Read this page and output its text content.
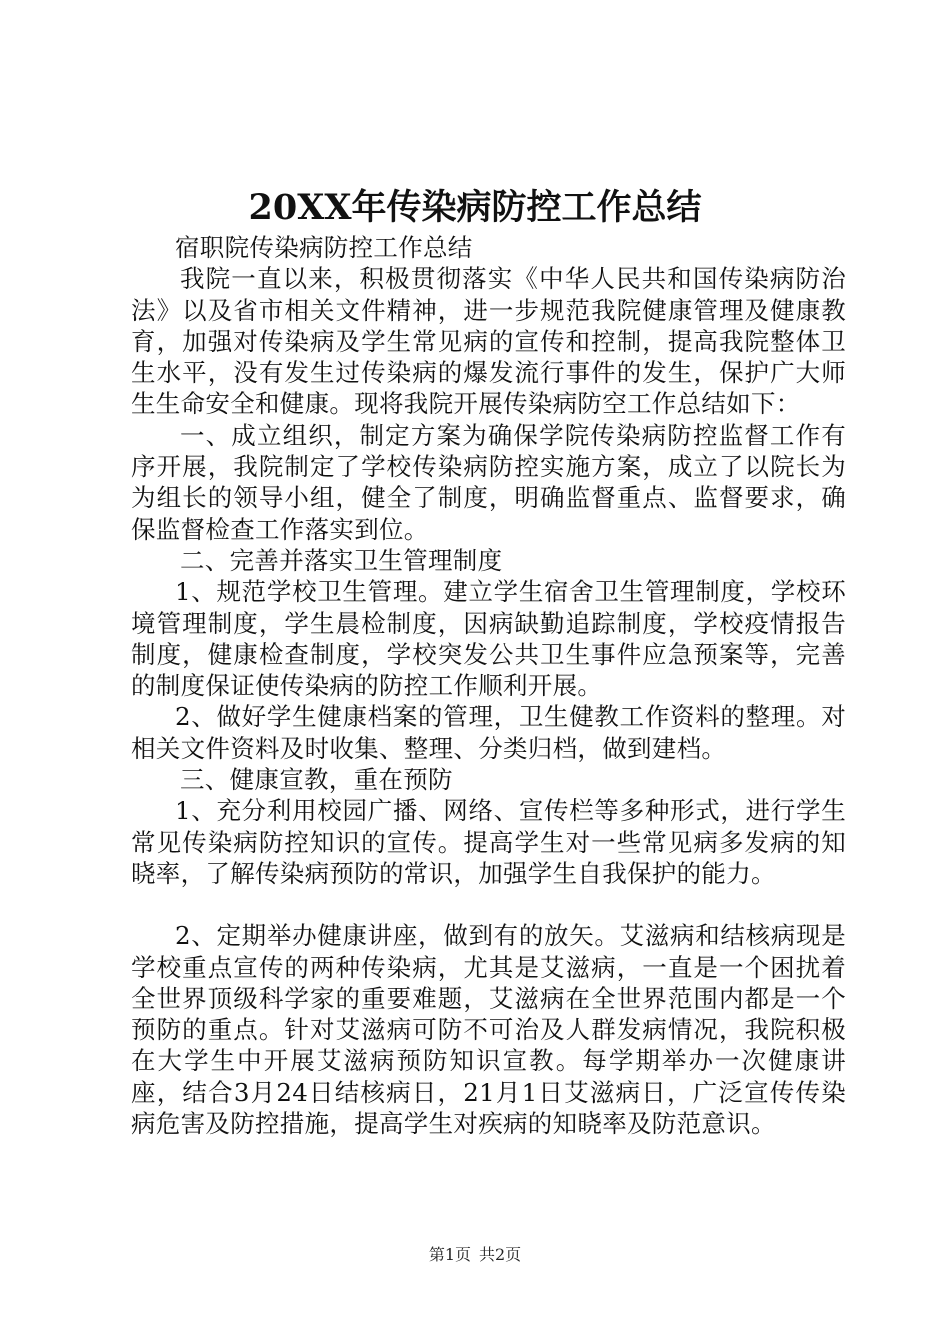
20XX年传染病防控工作总结

宿职院传染病防控工作总结

我院一直以来，积极贯彻落实《中华人民共和国传染病防治法》以及省市相关文件精神，进一步规范我院健康管理及健康教育，加强对传染病及学生常见病的宣传和控制，提高我院整体卫生水平，没有发生过传染病的爆发流行事件的发生，保护广大师生生命安全和健康。现将我院开展传染病防空工作总结如下：

一、成立组织，制定方案为确保学院传染病防控监督工作有序开展，我院制定了学校传染病防控实施方案，成立了以院长为为组长的领导小组，健全了制度，明确监督重点、监督要求，确保监督检查工作落实到位。

二、完善并落实卫生管理制度

1、规范学校卫生管理。建立学生宿舍卫生管理制度，学校环境管理制度，学生晨检制度，因病缺勤追踪制度，学校疫情报告制度，健康检查制度，学校突发公共卫生事件应急预案等，完善的制度保证使传染病的防控工作顺利开展。

2、做好学生健康档案的管理，卫生健教工作资料的整理。对相关文件资料及时收集、整理、分类归档，做到建档。

三、健康宣教，重在预防

1、充分利用校园广播、网络、宣传栏等多种形式，进行学生常见传染病防控知识的宣传。提高学生对一些常见病多发病的知晓率，了解传染病预防的常识，加强学生自我保护的能力。

2、定期举办健康讲座，做到有的放矢。艾滋病和结核病现是学校重点宣传的两种传染病，尤其是艾滋病，一直是一个困扰着全世界顶级科学家的重要难题，艾滋病在全世界范围内都是一个预防的重点。针对艾滋病可防不可治及人群发病情况，我院积极在大学生中开展艾滋病预防知识宣教。每学期举办一次健康讲座，结合3月24日结核病日，21月1日艾滋病日，广泛宣传传染病危害及防控措施，提高学生对疾病的知晓率及防范意识。

第1页 共2页
